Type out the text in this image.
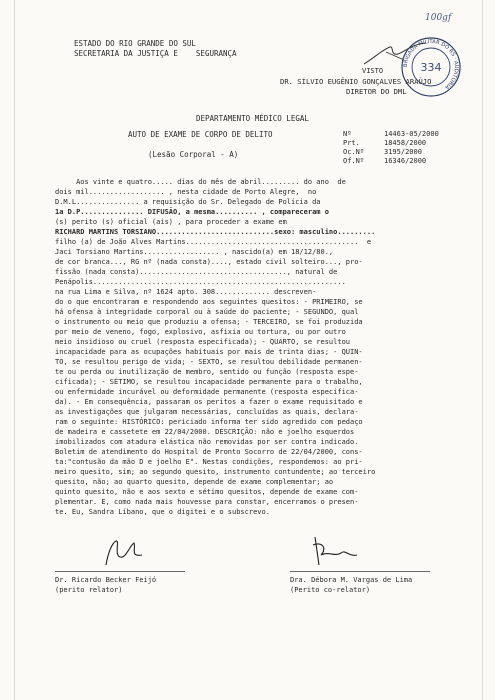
ESTADO DO RIO GRANDE DO SUL
SECRETARIA DA JUSTIÇA E    SEGURANÇA
VISTO
DR. SÍLVIO EUGÊNIO GONÇALVES ARAÚJO
DIRETOR DO DML
BRIGADA MILITAR DO RS · AUDITORIA
334
100gf
DEPARTAMENTO MÉDICO LEGAL
AUTO DE EXAME DE CORPO DE DELITO
(Lesão Corporal - A)
Nº	14463-05/2000
Prt.	18458/2000
Oc.Nº	3195/2000
Of.Nº	16346/2000
Aos vinte e quatro..... dias do mês de abril......... do ano  de
dois mil.................. , nesta cidade de Porto Alegre,  no
D.M.L............... a requisição do Sr. Delegado de Polícia da
1a D.P............... DIFUSÃO, a mesma.......... , compareceram o
(s) perito (s) oficial (ais) , para proceder a exame em
RICHARD MARTINS TORSIANO............................sexo: masculino.........
filho (a) de João Alves Martins.........................................  e
Jaci Torsiano Martins.................. , nascido(a) em 18/12/80.,
de cor branca..., RG nº (nada consta)...., estado civil solteiro..., pro-
fissão (nada consta)..................................., natural de
Penápolis............................................................
na rua Lima e Silva, nº 1624 apto. 308............. descreven-
do o que encontraram e respondendo aos seguintes quesitos: - PRIMEIRO, se
há ofensa à integridade corporal ou à saúde do paciente; - SEGUNDO, qual
o instrumento ou meio que produziu a ofensa; - TERCEIRO, se foi produzida
por meio de veneno, fogo, explosivo, asfixia ou tortura, ou por outro
meio insidioso ou cruel (resposta especificada); - QUARTO, se resultou
incapacidade para as ocupações habituais por mais de trinta dias; - QUIN-
TO, se resultou perigo de vida; - SEXTO, se resultou debilidade permanen-
te ou perda ou inutilização de membro, sentido ou função (resposta espe-
cificada); - SÉTIMO, se resultou incapacidade permanente para o trabalho,
ou enfermidade incurável ou deformidade permanente (resposta especifica-
da). - Em consequência, passaram os peritos a fazer o exame requisitado e
as investigações que julgaram necessárias, concluídas as quais, declara-
ram o seguinte: HISTÓRICO: periciado informa ter sido agredido com pedaço
de madeira e cassetete em 22/04/2000. DESCRIÇÃO: não e joelho esquerdos
imobilizados com atadura elástica não removidas por ser contra indicado.
Boletim de atendimento do Hospital de Pronto Socorro de 22/04/2000, cons-
ta:"contusão da mão D e joelho E". Nestas condições, respondemos: ao pri-
meiro quesito, sim; ao segundo quesito, instrumento contundente; ao terceiro
quesito, não; ao quarto quesito, depende de exame complementar; ao
quinto quesito, não e aos sexto e sétimo quesitos, depende de exame com-
plementar. E, como nada mais houvesse para constar, encerramos o presen-
te. Eu, Sandra Líbano, que o digitei e o subscrevo.
Dr. Ricardo Becker Feijó
(perito relator)
Dra. Débora M. Vargas de Lima
(Perito co-relator)
